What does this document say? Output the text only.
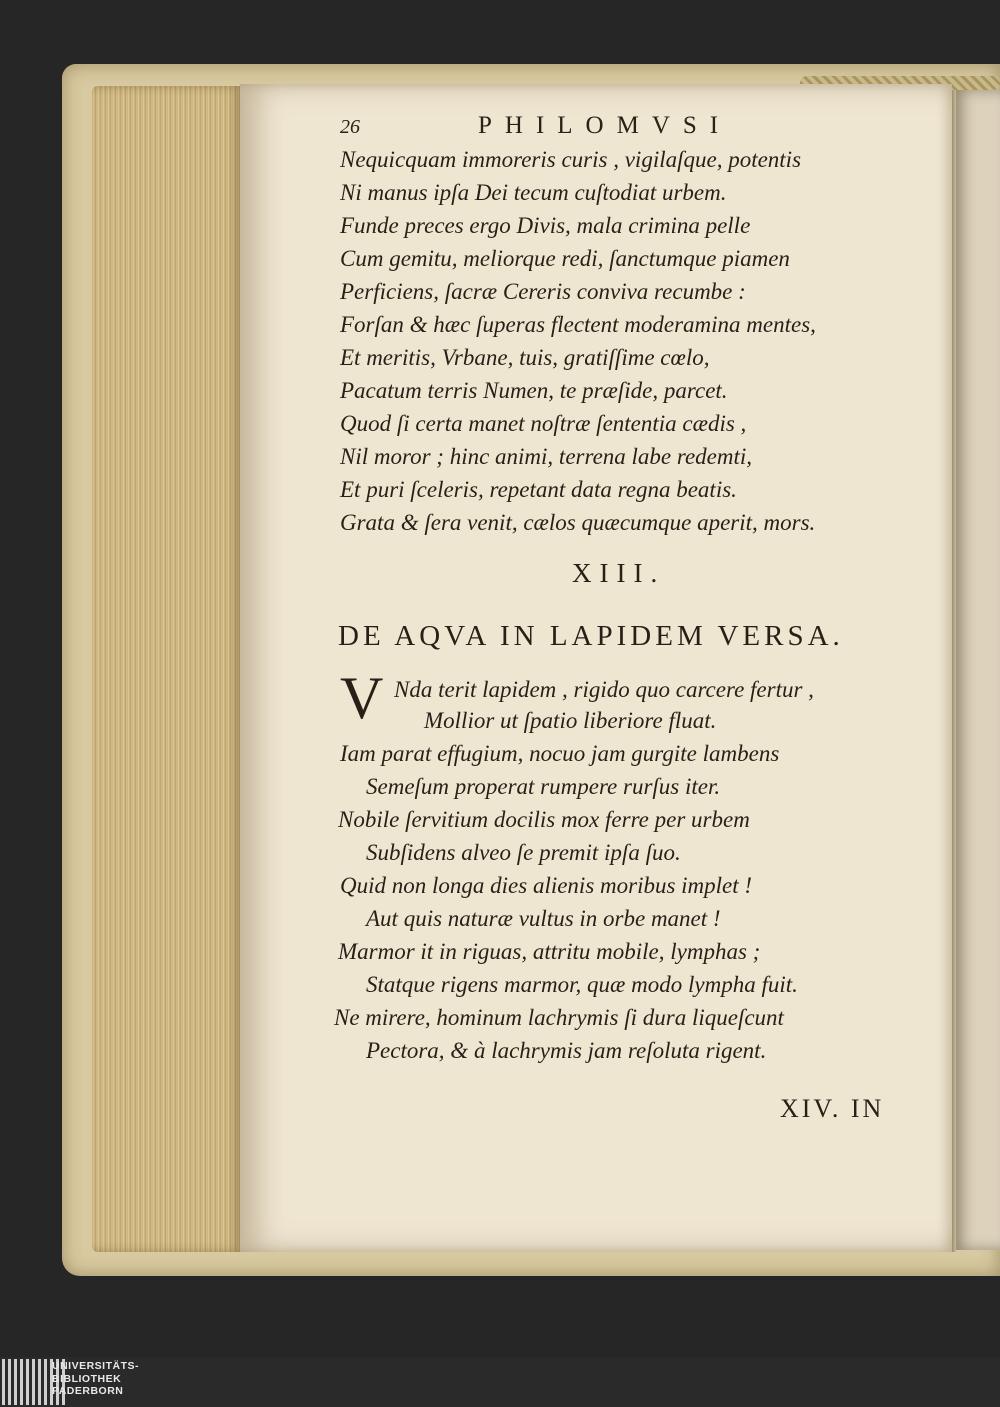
26	PHILOMVSI
Nequicquam immoreris curis , vigilaſque, potentis
Ni manus ipſa Dei tecum cuſtodiat urbem.
Funde preces ergo Divis, mala crimina pelle
Cum gemitu, meliorque redi, ſanctumque piamen
Perficiens, ſacræ Cereris conviva recumbe :
Forſan & hæc ſuperas flectent moderamina mentes,
Et meritis, Vrbane, tuis, gratiſſime cœlo,
Pacatum terris Numen, te præſide, parcet.
Quod ſi certa manet noſtræ ſententia cædis ,
Nil moror ; hinc animi, terrena labe redemti,
Et puri ſceleris, repetant data regna beatis.
Grata & ſera venit, cælos quæcumque aperit, mors.
XIII.
DE AQVA IN LAPIDEM VERSA.
V Nda terit lapidem , rigido quo carcere fertur ,
Mollior ut ſpatio liberiore fluat.
Iam parat effugium, nocuo jam gurgite lambens
Semeſum properat rumpere rurſus iter.
Nobile ſervitium docilis mox ferre per urbem
Subſidens alveo ſe premit ipſa ſuo.
Quid non longa dies alienis moribus implet !
Aut quis naturæ vultus in orbe manet !
Marmor it in riguas, attritu mobile, lymphas ;
Statque rigens marmor, quæ modo lympha fuit.
Ne mirere, hominum lachrymis ſi dura liqueſcunt
Pectora, & à lachrymis jam reſoluta rigent.
XIV. IN
UNIVERSITÄTS-
BIBLIOTHEK
PADERBORN
